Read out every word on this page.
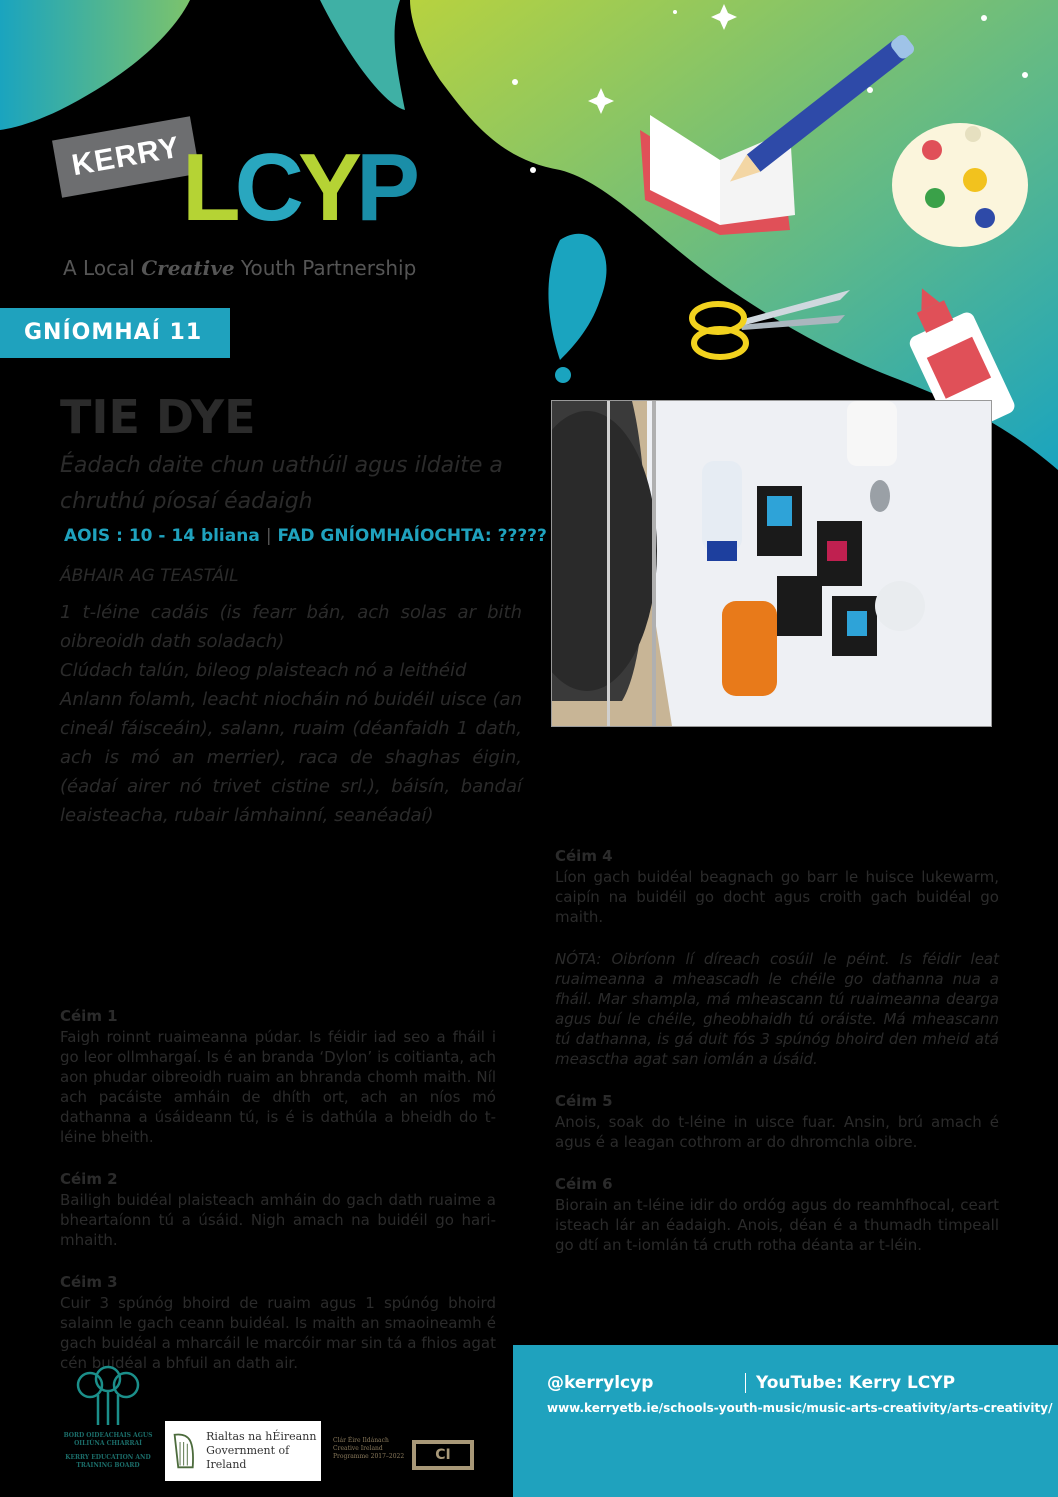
KERRY LCYP
A Local Creative Youth Partnership
GNÍOMHAÍ 11
TIE DYE
Éadach daite chun uathúil agus ildaite a chruthú píosaí éadaigh
AOIS : 10 - 14 bliana | FAD GNÍOMHAÍOCHTA: ?????
ÁBHAIR AG TEASTÁIL
1 t-léine cadáis (is fearr bán, ach solas ar bith oibreoidh dath soladach)
Clúdach talún, bileog plaisteach nó a leithéid
Anlann folamh, leacht niocháin nó buidéil uisce (an cineál fáisceáin), salann, ruaim (déanfaidh 1 dath, ach is mó an merrier), raca de shaghas éigin, (éadaí airer nó trivet cistine srl.), báisín, bandaí leaisteacha, rubair lámhainní, seanéadaí)
Céim 1
Faigh roinnt ruaimeanna púdar. Is féidir iad seo a fháil i go leor ollmhargaí. Is é an branda ‘Dylon’ is coitianta, ach aon phudar oibreoidh ruaim an bhranda chomh maith. Níl ach pacáiste amháin de dhíth ort, ach an níos mó dathanna a úsáideann tú, is é is dathúla a bheidh do t-léine bheith.
Céim 2
Bailigh buidéal plaisteach amháin do gach dath ruaime a bheartaíonn tú a úsáid. Nigh amach na buidéil go hari-mhaith.
Céim 3
Cuir 3 spúnóg bhoird de ruaim agus 1 spúnóg bhoird salainn le gach ceann buidéal. Is maith an smaoineamh é gach buidéal a mharcáil le marcóir mar sin tá a fhios agat cén buidéal a bhfuil an dath air.
Céim 4
Líon gach buidéal beagnach go barr le huisce lukewarm, caipín na buidéil go docht agus croith gach buidéal go maith.
NÓTA: Oibríonn lí díreach cosúil le péint. Is féidir leat ruaimeanna a mheascadh le chéile go dathanna nua a fháil. Mar shampla, má mheascann tú ruaimeanna dearga agus buí le chéile, gheobhaidh tú oráiste. Má mheascann tú dathanna, is gá duit fós 3 spúnóg bhoird den mheid atá measctha agat san iomlán a úsáid.
Céim 5
Anois, soak do t-léine in uisce fuar. Ansin, brú amach é agus é a leagan cothrom ar do dhromchla oibre.
Céim 6
Biorain an t-léine idir do ordóg agus do reamhfhocal, ceart isteach lár an éadaigh. Anois, déan é a thumadh timpeall go dtí an t-iomlán tá cruth rotha déanta ar t-léin.
BORD OIDEACHAIS AGUS OILIÚNA CHIARRAÍ
KERRY EDUCATION AND TRAINING BOARD
Rialtas na hÉireann
Government of Ireland
Clár Éire Ildánach Creative Ireland Programme 2017–2022	CI
@kerrylcyp	YouTube: Kerry LCYP
www.kerryetb.ie/schools-youth-music/music-arts-creativity/arts-creativity/
